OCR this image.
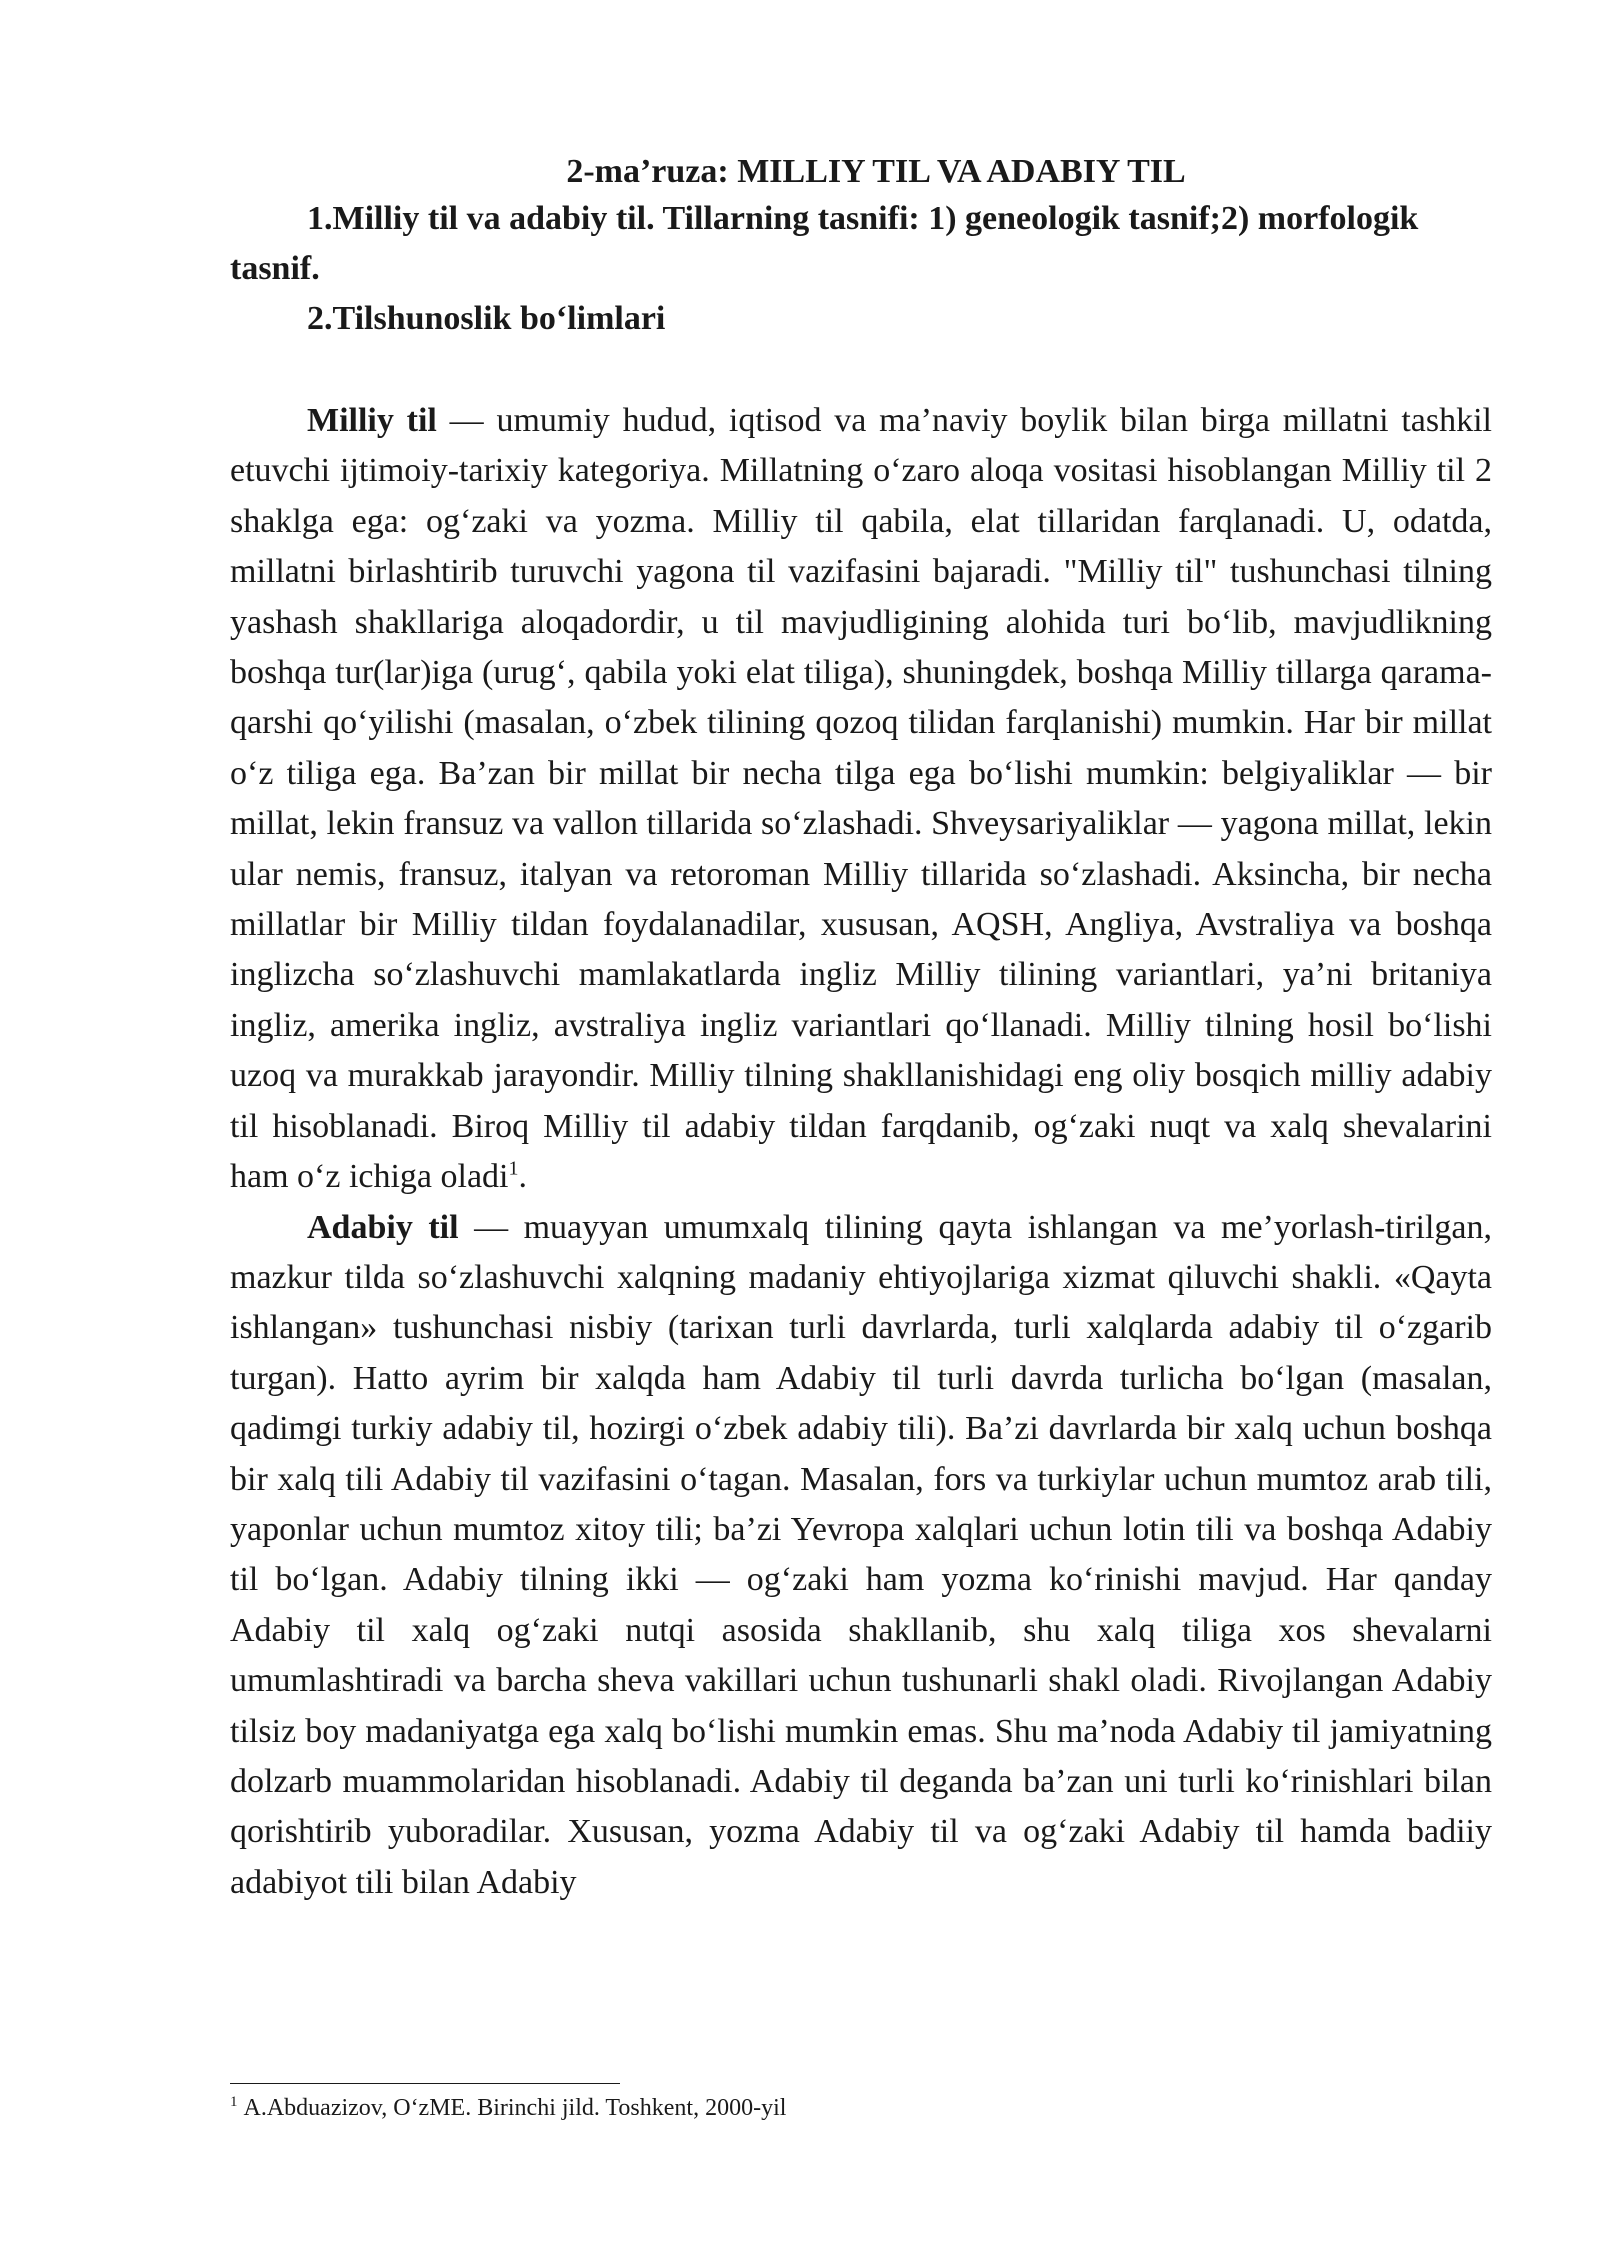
2-ma’ruza: MILLIY TIL VA ADABIY TIL

1.Milliy til va adabiy til. Tillarning tasnifi: 1) geneologik tasnif;2) morfologik tasnif.

2.Tilshunoslik bo‘limlari

Milliy til — umumiy hudud, iqtisod va ma’naviy boylik bilan birga millatni tashkil etuvchi ijtimoiy-tarixiy kategoriya. Millatning o‘zaro aloqa vositasi hisoblangan Milliy til 2 shaklga ega: og‘zaki va yozma. Milliy til qabila, elat tillaridan farqlanadi. U, odatda, millatni birlashtirib turuvchi yagona til vazifasini bajaradi. "Milliy til" tushunchasi tilning yashash shakllariga aloqadordir, u til mavjudligining alohida turi bo‘lib, mavjudlikning boshqa tur(lar)iga (urug‘, qabila yoki elat tiliga), shuningdek, boshqa Milliy tillarga qarama-qarshi qo‘yilishi (masalan, o‘zbek tilining qozoq tilidan farqlanishi) mumkin. Har bir millat o‘z tiliga ega. Ba’zan bir millat bir necha tilga ega bo‘lishi mumkin: belgiyaliklar — bir millat, lekin fransuz va vallon tillarida so‘zlashadi. Shveysariyaliklar — yagona millat, lekin ular nemis, fransuz, italyan va retoroman Milliy tillarida so‘zlashadi. Aksincha, bir necha millatlar bir Milliy tildan foydalanadilar, xususan, AQSH, Angliya, Avstraliya va boshqa inglizcha so‘zlashuvchi mamlakatlarda ingliz Milliy tilining variantlari, ya’ni britaniya ingliz, amerika ingliz, avstraliya ingliz variantlari qo‘llanadi. Milliy tilning hosil bo‘lishi uzoq va murakkab jarayondir. Milliy tilning shakllanishidagi eng oliy bosqich milliy adabiy til hisoblanadi. Biroq Milliy til adabiy tildan farqdanib, og‘zaki nuqt va xalq shevalarini ham o‘z ichiga oladi$^1$.

Adabiy til — muayyan umumxalq tilining qayta ishlangan va me’yorlash-tirilgan, mazkur tilda so‘zlashuvchi xalqning madaniy ehtiyojlariga xizmat qiluvchi shakli. «Qayta ishlangan» tushunchasi nisbiy (tarixan turli davrlarda, turli xalqlarda adabiy til o‘zgarib turgan). Hatto ayrim bir xalqda ham Adabiy til turli davrda turlicha bo‘lgan (masalan, qadimgi turkiy adabiy til, hozirgi o‘zbek adabiy tili). Ba’zi davrlarda bir xalq uchun boshqa bir xalq tili Adabiy til vazifasini o‘tagan. Masalan, fors va turkiylar uchun mumtoz arab tili, yaponlar uchun mumtoz xitoy tili; ba’zi Yevropa xalqlari uchun lotin tili va boshqa Adabiy til bo‘lgan. Adabiy tilning ikki — og‘zaki ham yozma ko‘rinishi mavjud. Har qanday Adabiy til xalq og‘zaki nutqi asosida shakllanib, shu xalq tiliga xos shevalarni umumlashtiradi va barcha sheva vakillari uchun tushunarli shakl oladi. Rivojlangan Adabiy tilsiz boy madaniyatga ega xalq bo‘lishi mumkin emas. Shu ma’noda Adabiy til jamiyatning dolzarb muammolaridan hisoblanadi. Adabiy til deganda ba’zan uni turli ko‘rinishlari bilan qorishtirib yuboradilar. Xususan, yozma Adabiy til va og‘zaki Adabiy til hamda badiiy adabiyot tili bilan Adabiy

$^1$ A.Abduazizov, O‘zME. Birinchi jild. Toshkent, 2000-yil
